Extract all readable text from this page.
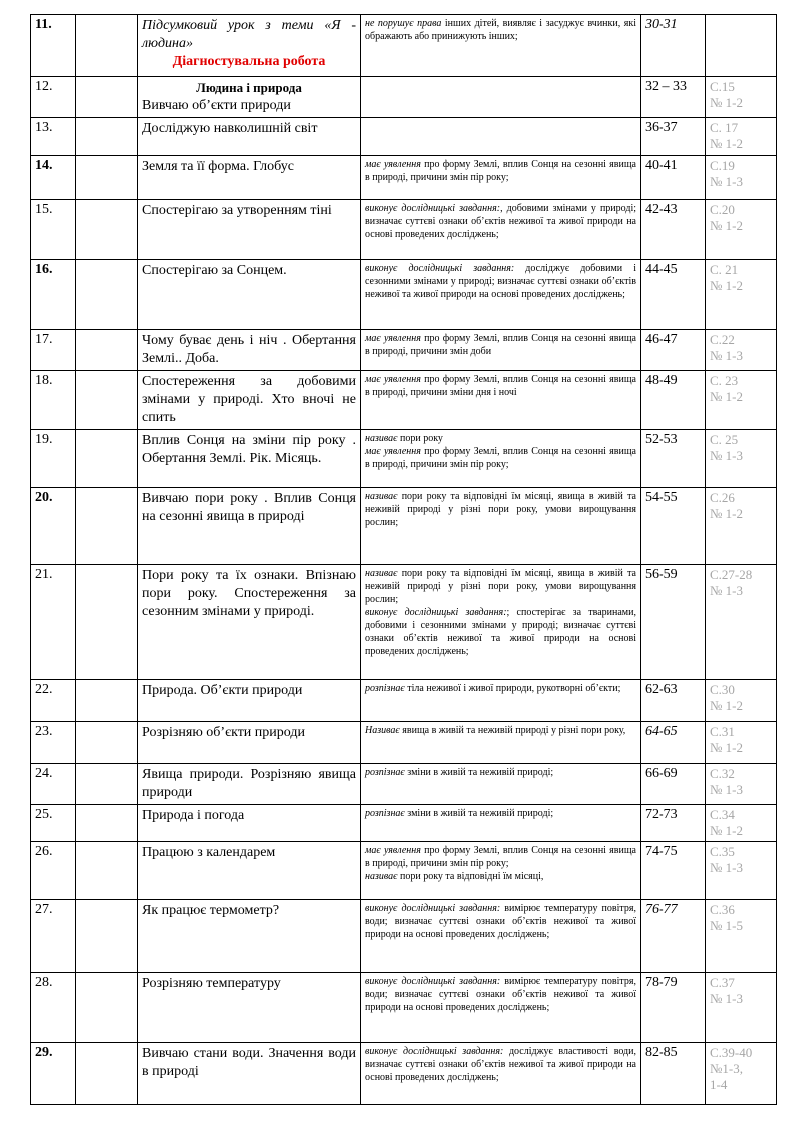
11.		Підсумковий урок з теми «Я - людина»
Діагностувальна робота	не порушує права інших дітей, виявляє і засуджує вчинки, які ображають або принижують інших;	30-31	

12.		Людина і природа
Вивчаю об’єкти природи		32 – 33	С.15
№ 1-2

13.		Досліджую навколишній світ		36-37	С. 17
№ 1-2

14.		Земля та її форма. Глобус	має уявлення про форму Землі, вплив Сонця на сезонні явища в природі, причини змін пір року;	40-41	С.19
№ 1-3

15.		Спостерігаю за утворенням тіні	виконує дослідницькі завдання:, добовими змінами у природі; визначає суттєві ознаки об’єктів неживої та живої природи на основі проведених досліджень;	42-43	С.20
№ 1-2

16.		Спостерігаю за Сонцем.	виконує дослідницькі завдання: досліджує добовими і сезонними змінами у природі; визначає суттєві ознаки об’єктів неживої та живої природи на основі проведених досліджень;	44-45	С. 21
№ 1-2

17.		Чому буває день і ніч . Обертання Землі.. Доба.	має уявлення про форму Землі, вплив Сонця на сезонні явища в природі, причини змін доби	46-47	С.22
№ 1-3

18.		Спостереження за добовими змінами у природі. Хто вночі не спить	має уявлення про форму Землі, вплив Сонця на сезонні явища в природі, причини зміни дня і ночі	48-49	С. 23
№ 1-2

19.		Вплив Сонця на зміни пір року . Обертання Землі. Рік. Місяць.	називає пори року
має уявлення про форму Землі, вплив Сонця на сезонні явища в природі, причини змін пір року;	52-53	С. 25
№ 1-3

20.		Вивчаю пори року . Вплив Сонця на сезонні явища в природі	називає пори року та відповідні їм місяці, явища в живій та неживій природі у різні пори року, умови вирощування рослин;	54-55	С.26
№ 1-2

21.		Пори року та їх ознаки. Впізнаю пори року. Спостереження за сезонним змінами у природі.	називає пори року та відповідні їм місяці, явища в живій та неживій природі у різні пори року, умови вирощування рослин;
виконує дослідницькі завдання:; спостерігає за тваринами, добовими і сезонними змінами у природі; визначає суттєві ознаки об’єктів неживої та живої природи на основі проведених досліджень;	56-59	С.27-28
№ 1-3

22.		Природа. Об’єкти природи	розпізнає тіла неживої і живої природи, рукотворні об’єкти;	62-63	С.30
№ 1-2

23.		Розрізняю об’єкти природи	Називає явища в живій та неживій природі у різні пори року,	64-65	С.31
№ 1-2

24.		Явища природи. Розрізняю явища природи	розпізнає зміни в живій та неживій природі;	66-69	С.32
№ 1-3

25.		Природа і погода	розпізнає зміни в живій та неживій природі;	72-73	С.34
№ 1-2

26.		Працюю з календарем	має уявлення про форму Землі, вплив Сонця на сезонні явища в природі, причини змін пір року;
називає пори року та відповідні їм місяці,	74-75	С.35
№ 1-3

27.		Як працює термометр?	виконує дослідницькі завдання: вимірює температуру повітря, води; визначає суттєві ознаки об’єктів неживої та живої природи на основі проведених досліджень;	76-77	С.36
№ 1-5

28.		Розрізняю температуру	виконує дослідницькі завдання: вимірює температуру повітря, води; визначає суттєві ознаки об’єктів неживої та живої природи на основі проведених досліджень;	78-79	С.37
№ 1-3

29.		Вивчаю стани води. Значення води в природі	виконує дослідницькі завдання: досліджує властивості води, визначає суттєві ознаки об’єктів неживої та живої природи на основі проведених досліджень;	82-85	С.39-40
№1-3,
1-4
